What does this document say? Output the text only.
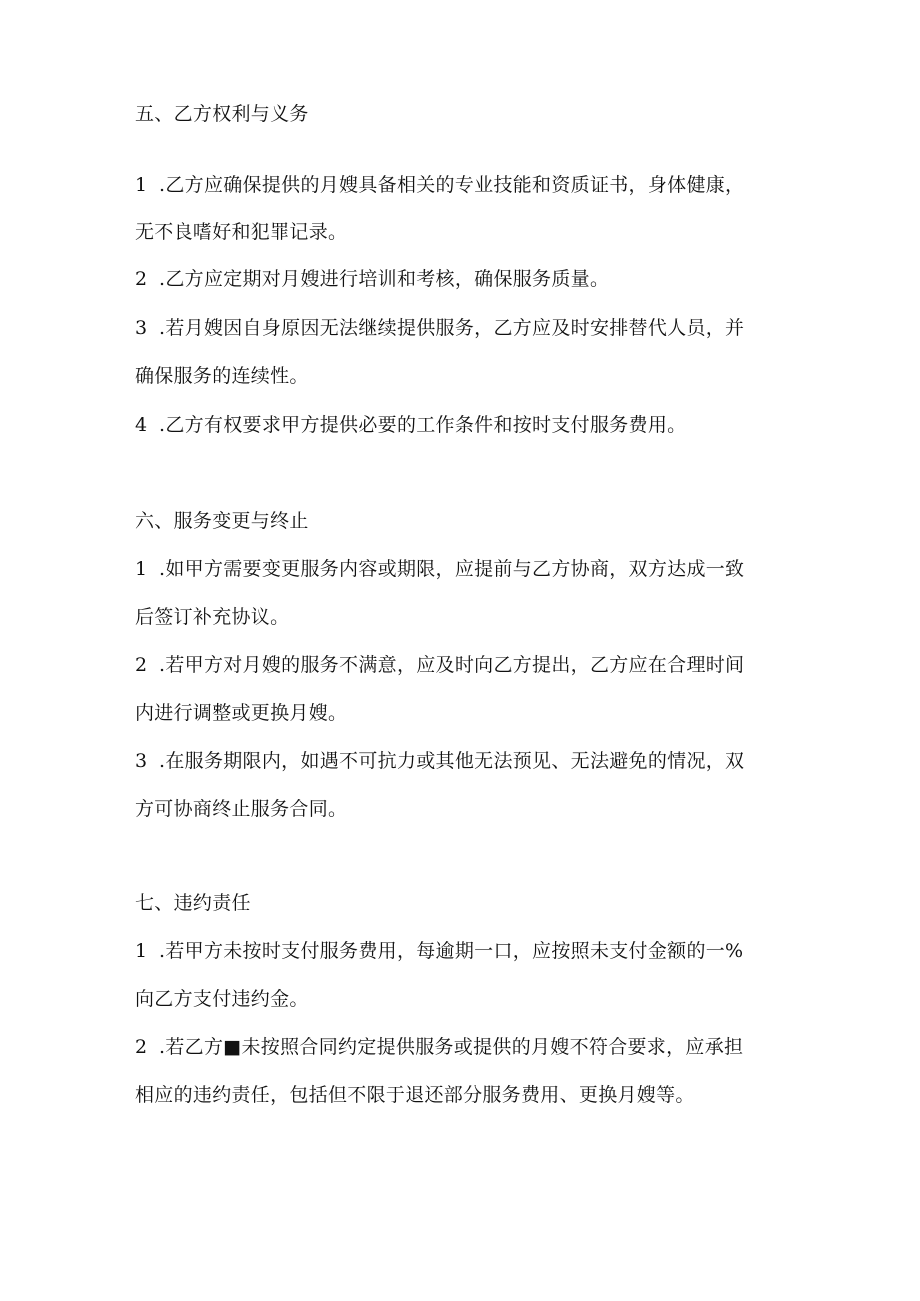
五、乙方权利与义务
1 .乙方应确保提供的月嫂具备相关的专业技能和资质证书，身体健康，
无不良嗜好和犯罪记录。
2 .乙方应定期对月嫂进行培训和考核，确保服务质量。
3 .若月嫂因自身原因无法继续提供服务，乙方应及时安排替代人员，并
确保服务的连续性。
4 .乙方有权要求甲方提供必要的工作条件和按时支付服务费用。
六、服务变更与终止
1 .如甲方需要变更服务内容或期限，应提前与乙方协商，双方达成一致
后签订补充协议。
2 .若甲方对月嫂的服务不满意，应及时向乙方提出，乙方应在合理时间
内进行调整或更换月嫂。
3 .在服务期限内，如遇不可抗力或其他无法预见、无法避免的情况，双
方可协商终止服务合同。
七、违约责任
1 .若甲方未按时支付服务费用，每逾期一口，应按照未支付金额的一%
向乙方支付违约金。
2 .若乙方■未按照合同约定提供服务或提供的月嫂不符合要求，应承担
相应的违约责任，包括但不限于退还部分服务费用、更换月嫂等。
